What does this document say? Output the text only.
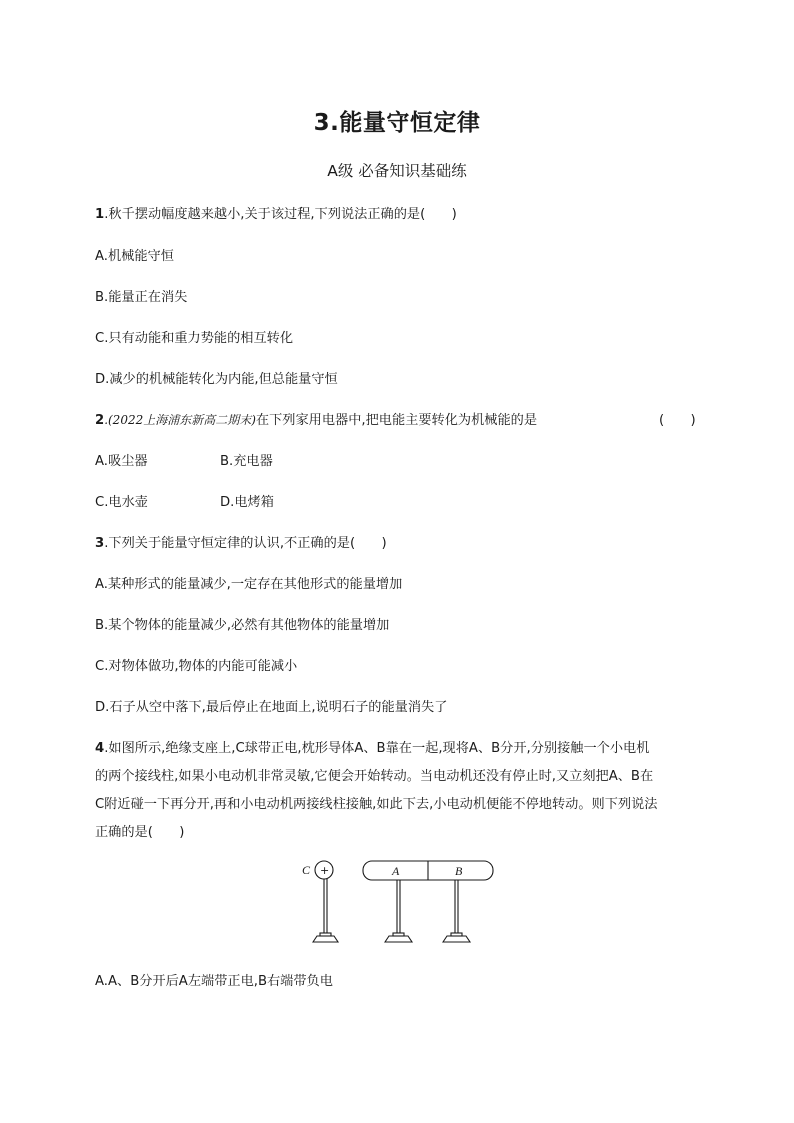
3.能量守恒定律
A级 必备知识基础练
1.秋千摆动幅度越来越小,关于该过程,下列说法正确的是(　　)
A.机械能守恒
B.能量正在消失
C.只有动能和重力势能的相互转化
D.减少的机械能转化为内能,但总能量守恒
2.(2022上海浦东新高二期末)在下列家用电器中,把电能主要转化为机械能的是	(　　)
A.吸尘器	B.充电器
C.电水壶	D.电烤箱
3.下列关于能量守恒定律的认识,不正确的是(　　)
A.某种形式的能量减少,一定存在其他形式的能量增加
B.某个物体的能量减少,必然有其他物体的能量增加
C.对物体做功,物体的内能可能减小
D.石子从空中落下,最后停止在地面上,说明石子的能量消失了
4.如图所示,绝缘支座上,C球带正电,枕形导体A、B靠在一起,现将A、B分开,分别接触一个小电机
的两个接线柱,如果小电动机非常灵敏,它便会开始转动。当电动机还没有停止时,又立刻把A、B在
C附近碰一下再分开,再和小电动机两接线柱接触,如此下去,小电动机便能不停地转动。则下列说法
正确的是(　　)
C	A	B
+
A.A、B分开后A左端带正电,B右端带负电
